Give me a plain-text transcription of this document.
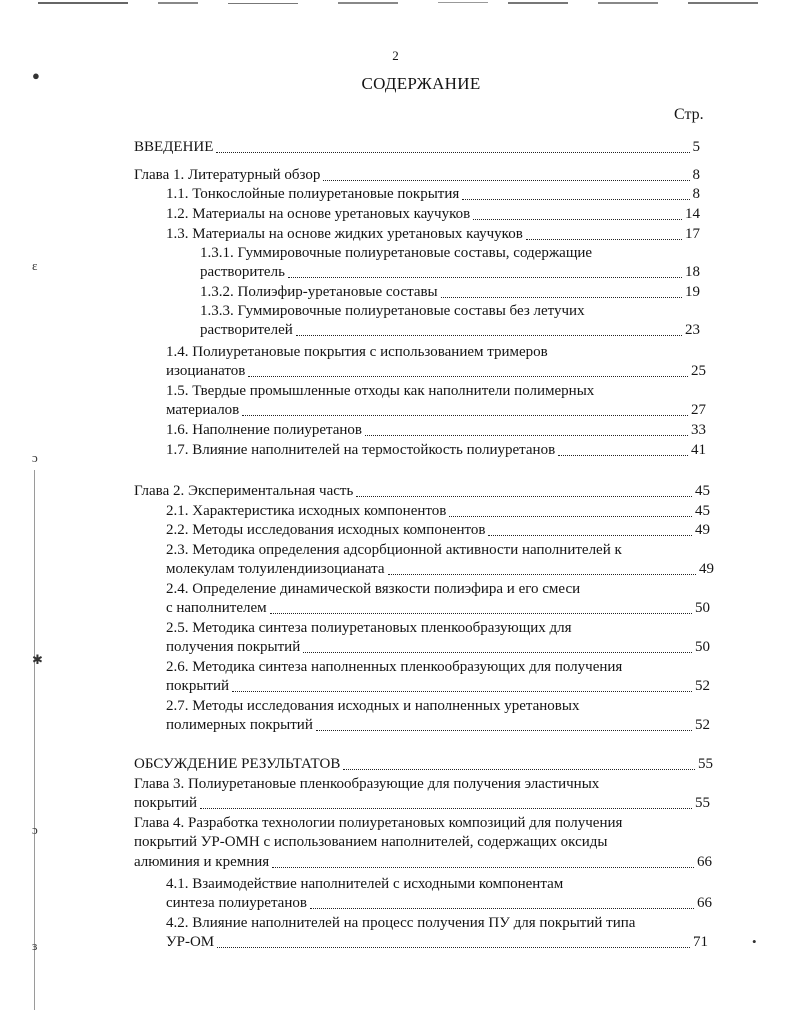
●
ɛ
ɔ
✱
ɔ
ɜ	•
2
СОДЕРЖАНИЕ
Стр.
ВВЕДЕНИЕ	5
Глава 1. Литературный обзор	8
1.1. Тонкослойные полиуретановые покрытия	8
1.2. Материалы на основе уретановых каучуков	14
1.3. Материалы на основе жидких уретановых каучуков	17
1.3.1. Гуммировочные полиуретановые составы, содержащие
растворитель	18
1.3.2. Полиэфир-уретановые составы	19
1.3.3. Гуммировочные полиуретановые составы без летучих
растворителей	23
1.4. Полиуретановые покрытия с использованием тримеров
изоцианатов	25
1.5. Твердые промышленные отходы как наполнители полимерных
материалов	27
1.6. Наполнение полиуретанов	33
1.7. Влияние наполнителей на термостойкость полиуретанов	41
Глава 2. Экспериментальная часть	45
2.1. Характеристика исходных компонентов	45
2.2. Методы исследования исходных компонентов	49
2.3. Методика определения адсорбционной активности наполнителей к
молекулам толуилендиизоцианата	49
2.4. Определение динамической вязкости полиэфира и его смеси
с наполнителем	50
2.5. Методика синтеза полиуретановых пленкообразующих для
получения покрытий	50
2.6. Методика синтеза наполненных пленкообразующих для получения
покрытий	52
2.7. Методы исследования исходных и наполненных уретановых
полимерных покрытий	52
ОБСУЖДЕНИЕ РЕЗУЛЬТАТОВ	55
Глава 3. Полиуретановые пленкообразующие для получения эластичных
покрытий	55
Глава 4. Разработка технологии полиуретановых композиций для получения
покрытий УР-ОМН с использованием наполнителей, содержащих оксиды
алюминия и кремния	66
4.1. Взаимодействие наполнителей с исходными компонентам
синтеза полиуретанов	66
4.2. Влияние наполнителей на процесс получения ПУ для покрытий типа
УР-ОМ	71
